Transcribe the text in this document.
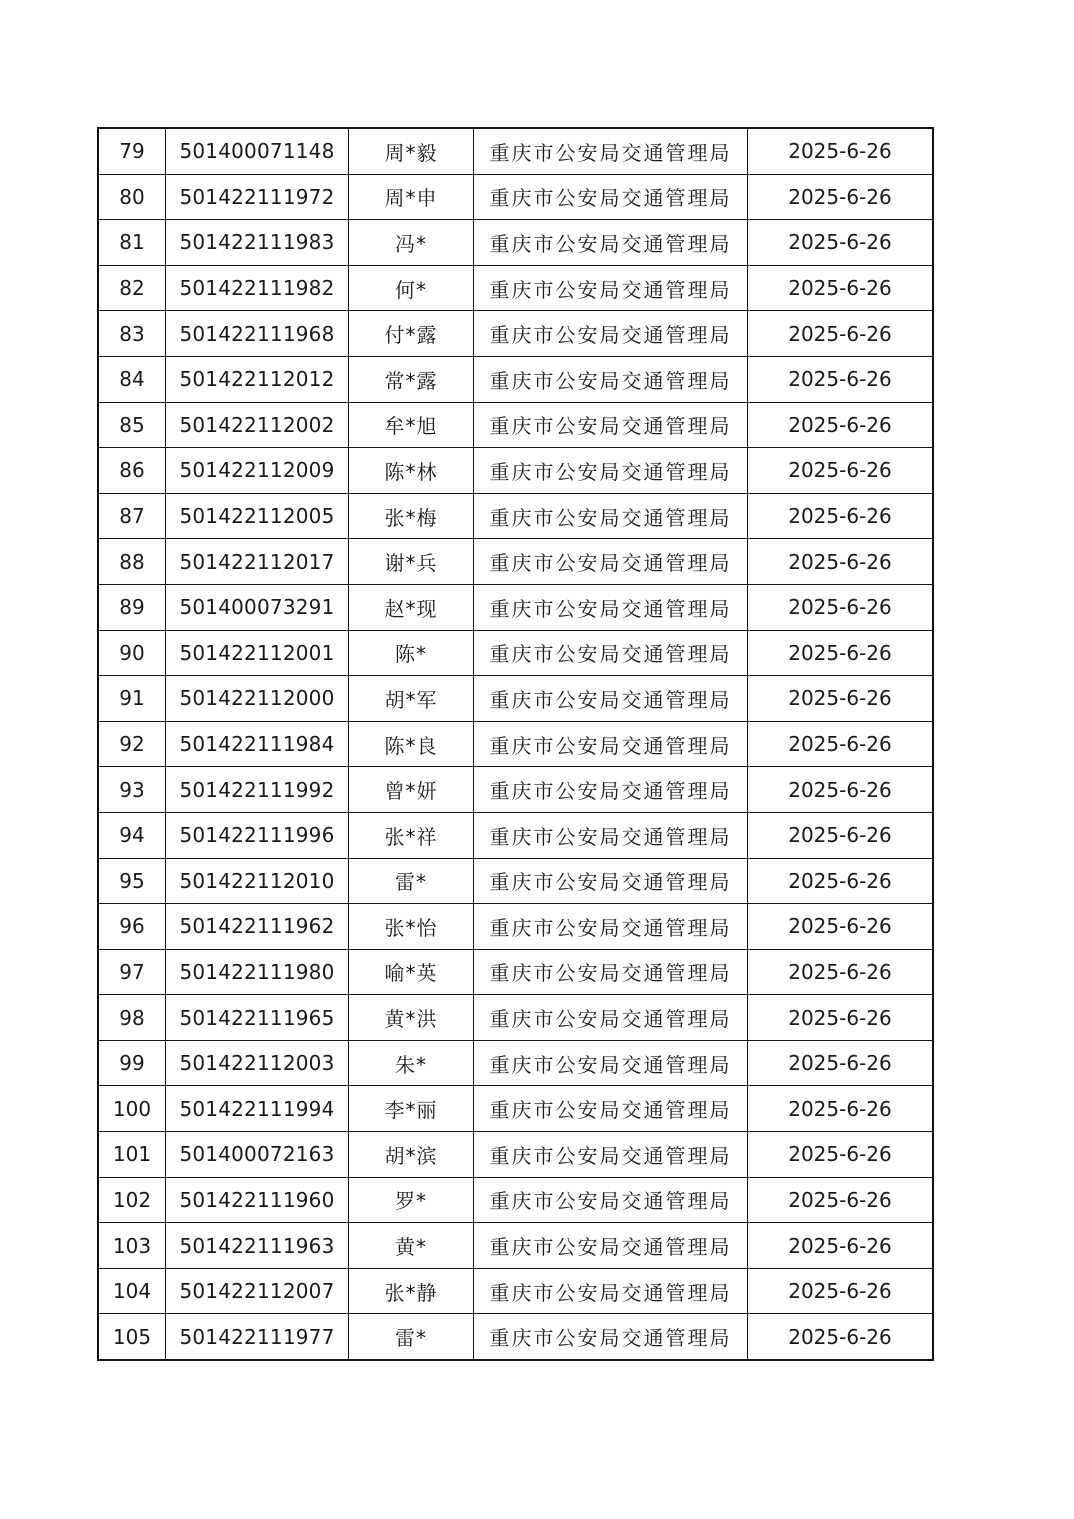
79	501400071148	周*毅	重庆市公安局交通管理局	2025-6-26
80	501422111972	周*申	重庆市公安局交通管理局	2025-6-26
81	501422111983	冯*	重庆市公安局交通管理局	2025-6-26
82	501422111982	何*	重庆市公安局交通管理局	2025-6-26
83	501422111968	付*露	重庆市公安局交通管理局	2025-6-26
84	501422112012	常*露	重庆市公安局交通管理局	2025-6-26
85	501422112002	牟*旭	重庆市公安局交通管理局	2025-6-26
86	501422112009	陈*林	重庆市公安局交通管理局	2025-6-26
87	501422112005	张*梅	重庆市公安局交通管理局	2025-6-26
88	501422112017	谢*兵	重庆市公安局交通管理局	2025-6-26
89	501400073291	赵*现	重庆市公安局交通管理局	2025-6-26
90	501422112001	陈*	重庆市公安局交通管理局	2025-6-26
91	501422112000	胡*军	重庆市公安局交通管理局	2025-6-26
92	501422111984	陈*良	重庆市公安局交通管理局	2025-6-26
93	501422111992	曾*妍	重庆市公安局交通管理局	2025-6-26
94	501422111996	张*祥	重庆市公安局交通管理局	2025-6-26
95	501422112010	雷*	重庆市公安局交通管理局	2025-6-26
96	501422111962	张*怡	重庆市公安局交通管理局	2025-6-26
97	501422111980	喻*英	重庆市公安局交通管理局	2025-6-26
98	501422111965	黄*洪	重庆市公安局交通管理局	2025-6-26
99	501422112003	朱*	重庆市公安局交通管理局	2025-6-26
100	501422111994	李*丽	重庆市公安局交通管理局	2025-6-26
101	501400072163	胡*滨	重庆市公安局交通管理局	2025-6-26
102	501422111960	罗*	重庆市公安局交通管理局	2025-6-26
103	501422111963	黄*	重庆市公安局交通管理局	2025-6-26
104	501422112007	张*静	重庆市公安局交通管理局	2025-6-26
105	501422111977	雷*	重庆市公安局交通管理局	2025-6-26
